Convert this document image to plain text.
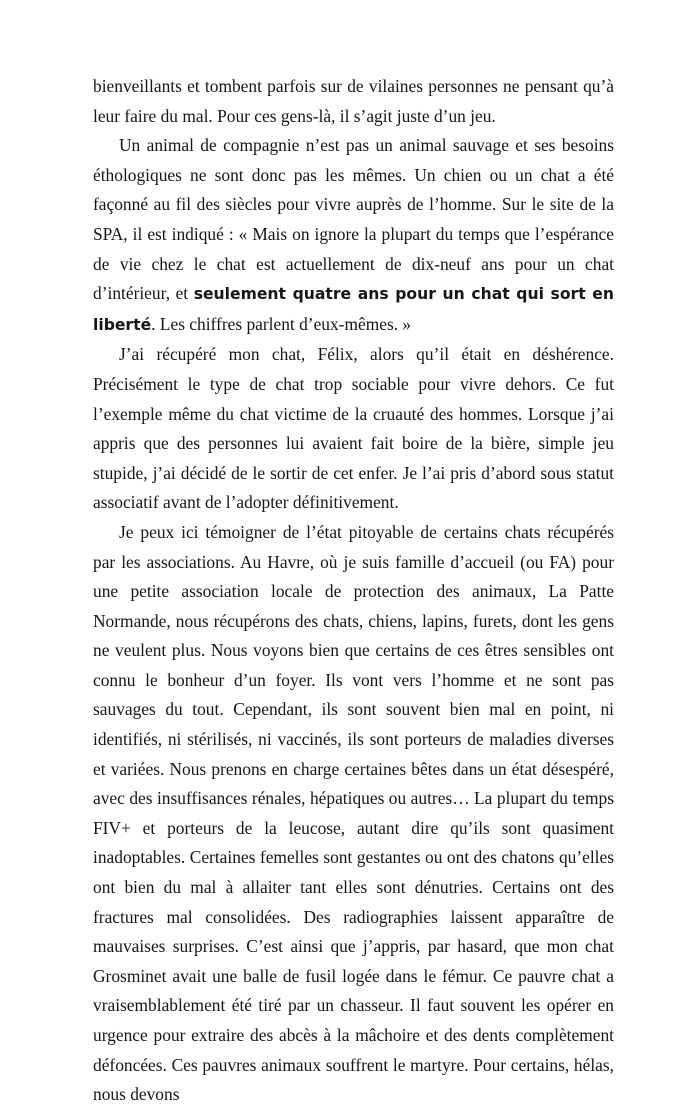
bienveillants et tombent parfois sur de vilaines personnes ne pensant qu’à leur faire du mal. Pour ces gens-là, il s’agit juste d’un jeu.

Un animal de compagnie n’est pas un animal sauvage et ses besoins éthologiques ne sont donc pas les mêmes. Un chien ou un chat a été façonné au fil des siècles pour vivre auprès de l’homme. Sur le site de la SPA, il est indiqué : « Mais on ignore la plupart du temps que l’espérance de vie chez le chat est actuellement de dix-neuf ans pour un chat d’intérieur, et seulement quatre ans pour un chat qui sort en liberté. Les chiffres parlent d’eux-mêmes. »

J’ai récupéré mon chat, Félix, alors qu’il était en déshérence. Précisément le type de chat trop sociable pour vivre dehors. Ce fut l’exemple même du chat victime de la cruauté des hommes. Lorsque j’ai appris que des personnes lui avaient fait boire de la bière, simple jeu stupide, j’ai décidé de le sortir de cet enfer. Je l’ai pris d’abord sous statut associatif avant de l’adopter définitivement.

Je peux ici témoigner de l’état pitoyable de certains chats récupérés par les associations. Au Havre, où je suis famille d’accueil (ou FA) pour une petite association locale de protection des animaux, La Patte Normande, nous récupérons des chats, chiens, lapins, furets, dont les gens ne veulent plus. Nous voyons bien que certains de ces êtres sensibles ont connu le bonheur d’un foyer. Ils vont vers l’homme et ne sont pas sauvages du tout. Cependant, ils sont souvent bien mal en point, ni identifiés, ni stérilisés, ni vaccinés, ils sont porteurs de maladies diverses et variées. Nous prenons en charge certaines bêtes dans un état désespéré, avec des insuffisances rénales, hépatiques ou autres… La plupart du temps FIV+ et porteurs de la leucose, autant dire qu’ils sont quasiment inadoptables. Certaines femelles sont gestantes ou ont des chatons qu’elles ont bien du mal à allaiter tant elles sont dénutries. Certains ont des fractures mal consolidées. Des radiographies laissent apparaître de mauvaises surprises. C’est ainsi que j’appris, par hasard, que mon chat Grosminet avait une balle de fusil logée dans le fémur. Ce pauvre chat a vraisemblablement été tiré par un chasseur. Il faut souvent les opérer en urgence pour extraire des abcès à la mâchoire et des dents complètement défoncées. Ces pauvres animaux souffrent le martyre. Pour certains, hélas, nous devons
